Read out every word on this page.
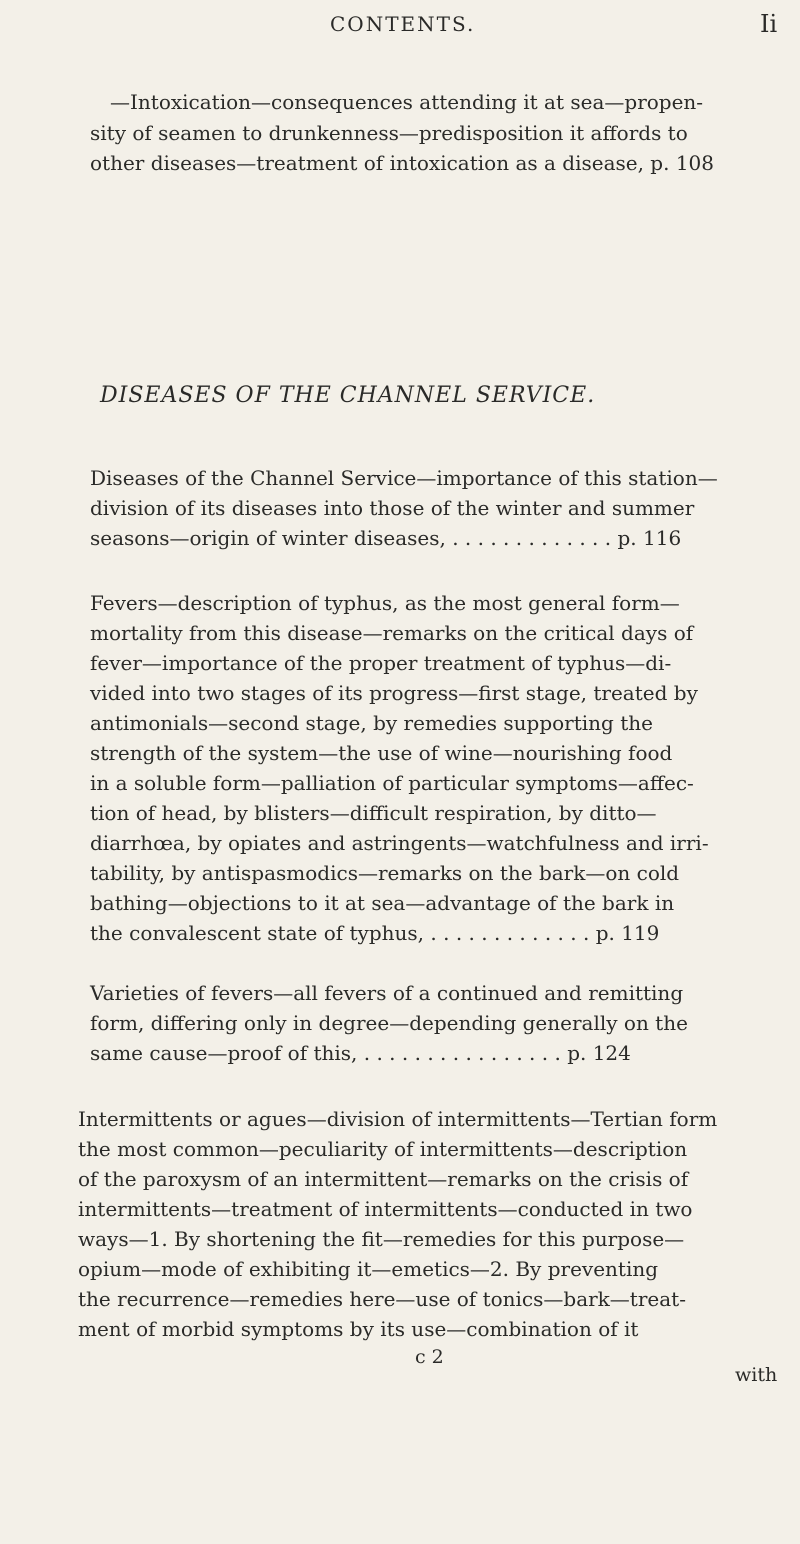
CONTENTS.	Ii
—Intoxication—consequences attending it at sea—propen-
sity of seamen to drunkenness—predisposition it affords to
other diseases—treatment of intoxication as a disease, p. 108
DISEASES OF THE CHANNEL SERVICE.
Diseases of the Channel Service—importance of this station—
division of its diseases into those of the winter and summer
seasons—origin of winter diseases, . . . . . . . . . . . . . p. 116
Fevers—description of typhus, as the most general form—
mortality from this disease—remarks on the critical days of
fever—importance of the proper treatment of typhus—di-
vided into two stages of its progress—first stage, treated by
antimonials—second stage, by remedies supporting the
strength of the system—the use of wine—nourishing food
in a soluble form—palliation of particular symptoms—affec-
tion of head, by blisters—difficult respiration, by ditto—
diarrhœa, by opiates and astringents—watchfulness and irri-
tability, by antispasmodics—remarks on the bark—on cold
bathing—objections to it at sea—advantage of the bark in
the convalescent state of typhus, . . . . . . . . . . . . . p. 119
Varieties of fevers—all fevers of a continued and remitting
form, differing only in degree—depending generally on the
same cause—proof of this, . . . . . . . . . . . . . . . . p. 124
Intermittents or agues—division of intermittents—Tertian form
the most common—peculiarity of intermittents—description
of the paroxysm of an intermittent—remarks on the crisis of
intermittents—treatment of intermittents—conducted in two
ways—1. By shortening the fit—remedies for this purpose—
opium—mode of exhibiting it—emetics—2. By preventing
the recurrence—remedies here—use of tonics—bark—treat-
ment of morbid symptoms by its use—combination of it
c 2
with
